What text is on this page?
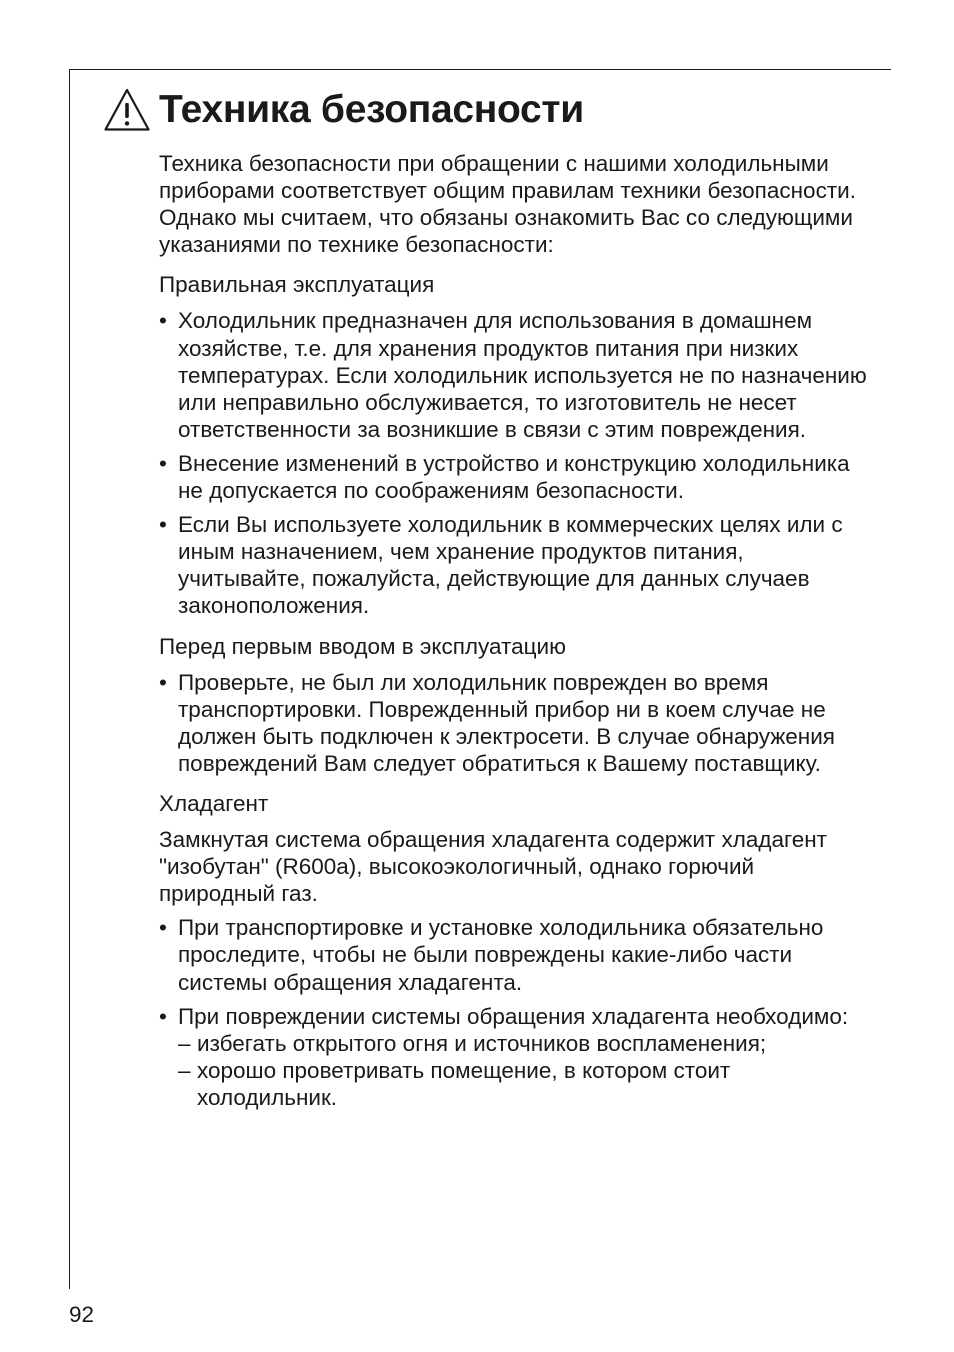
Техника безопасности

Техника безопасности при обращении с нашими холодильными приборами соответствует общим правилам техники безопасности. Однако мы считаем, что обязаны ознакомить Вас со следующими указаниями по технике безопасности:

Правильная эксплуатация

• Холодильник предназначен для использования в домашнем хозяйстве, т.е. для хранения продуктов питания при низких температурах. Если холодильник используется не по назначению или неправильно обслуживается, то изготовитель не несет ответственности за возникшие в связи с этим повреждения.
• Внесение изменений в устройство и конструкцию холодильника не допускается по соображениям безопасности.
• Если Вы используете холодильник в коммерческих целях или с иным назначением, чем хранение продуктов питания, учитывайте, пожалуйста, действующие для данных случаев законоположения.

Перед первым вводом в эксплуатацию

• Проверьте, не был ли холодильник поврежден во время транспортировки. Поврежденный прибор ни в коем случае не должен быть подключен к электросети. В случае обнаружения повреждений Вам следует обратиться к Вашему поставщику.

Хладагент

Замкнутая система обращения хладагента содержит хладагент "изобутан" (R600a), высокоэкологичный, однако горючий природный газ.

• При транспортировке и установке холодильника обязательно проследите, чтобы не были повреждены какие-либо части системы обращения хладагента.
• При повреждении системы обращения хладагента необходимо:
– избегать открытого огня и источников воспламенения;
– хорошо проветривать помещение, в котором стоит холодильник.
92
